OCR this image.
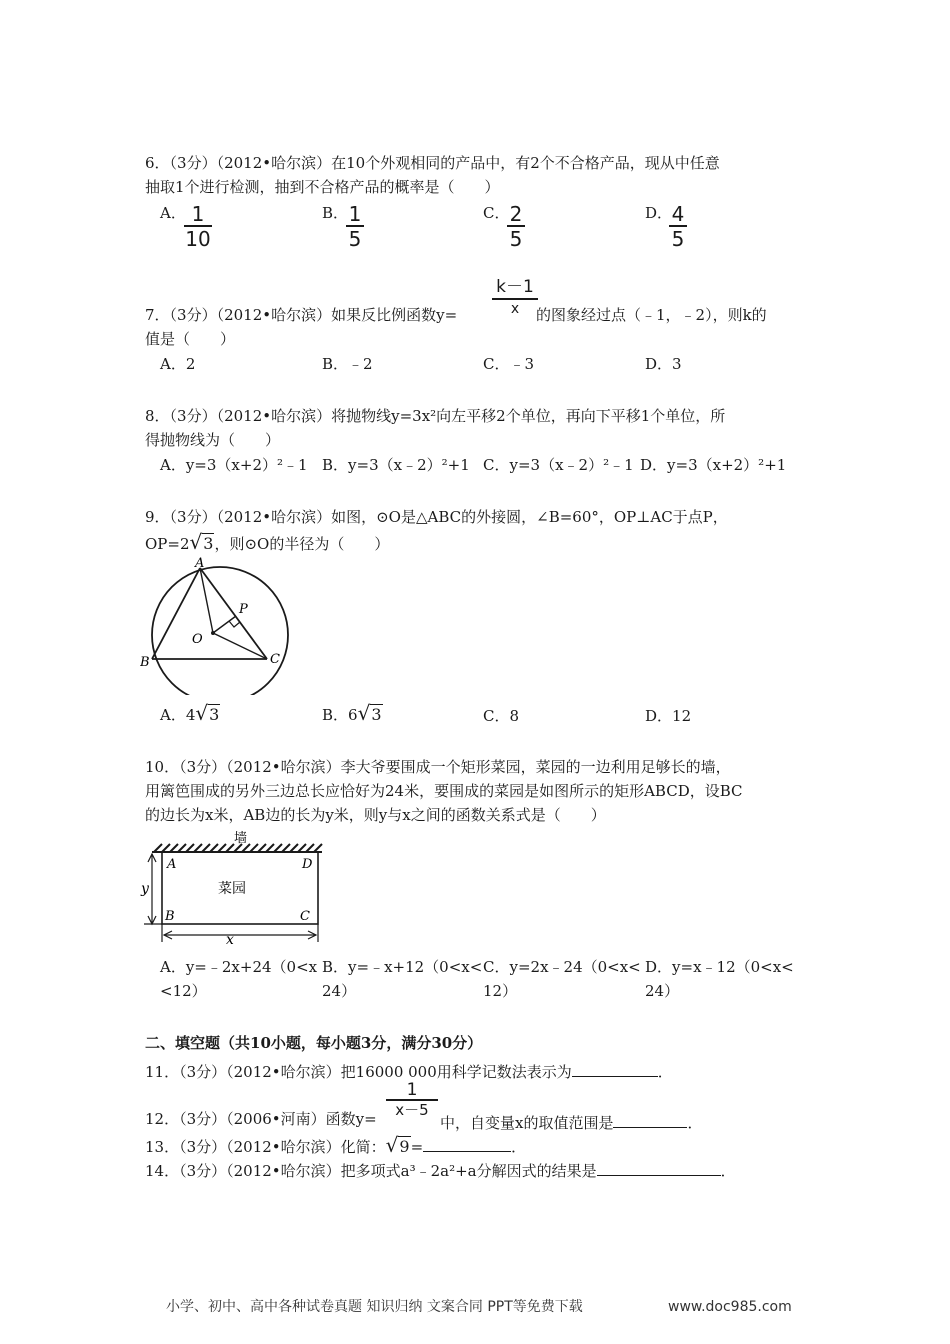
6．（3分）（2012•哈尔滨）在10个外观相同的产品中，有2个不合格产品，现从中任意
抽取1个进行检测，抽到不合格产品的概率是（　　）
A．
$\frac{1}{10}$	B．
$\frac{1}{5}$	C．
$\frac{2}{5}$	D．
$\frac{4}{5}$
k－1
x
7．（3分）（2012•哈尔滨）如果反比例函数y=	的图象经过点（﹣1，﹣2），则k的
值是（　　）
A．2	B．﹣2	C．﹣3	D．3
8．（3分）（2012•哈尔滨）将抛物线y=3x²向左平移2个单位，再向下平移1个单位，所
得抛物线为（　　）
A．y=3（x+2）²﹣1 B．y=3（x﹣2）²+1 C．y=3（x﹣2）²﹣1 D．y=3（x+2）²+1
9．（3分）（2012•哈尔滨）如图，⊙O是△ABC的外接圆，∠B=60°，OP⊥AC于点P，
OP=2√3，则⊙O的半径为（　　）
A
B	C
O
P
A．4√3	B．6√3	C．8	D．12
10．（3分）（2012•哈尔滨）李大爷要围成一个矩形菜园，菜园的一边利用足够长的墙，
用篱笆围成的另外三边总长应恰好为24米，要围成的菜园是如图所示的矩形ABCD，设BC
的边长为x米，AB边的长为y米，则y与x之间的函数关系式是（　　）
墙
菜园
A	D
B	C
y
x
A．y=﹣2x+24（0<x
<12）
B．y=﹣x+12（0<x<
24）
C．y=2x﹣24（0<x<
12）
D．y=x﹣12（0<x<
24）
二、填空题（共10小题，每小题3分，满分30分）
11．（3分）（2012•哈尔滨）把16000 000用科学记数法表示为	．
$\frac{1}{x-5}$
12．（3分）（2006•河南）函数y=	中，自变量x的取值范围是	．
13．（3分）（2012•哈尔滨）化简：√9=	．
14．（3分）（2012•哈尔滨）把多项式a³﹣2a²+a分解因式的结果是	．
小学、初中、高中各种试卷真题 知识归纳 文案合同 PPT等免费下载	www.doc985.com
